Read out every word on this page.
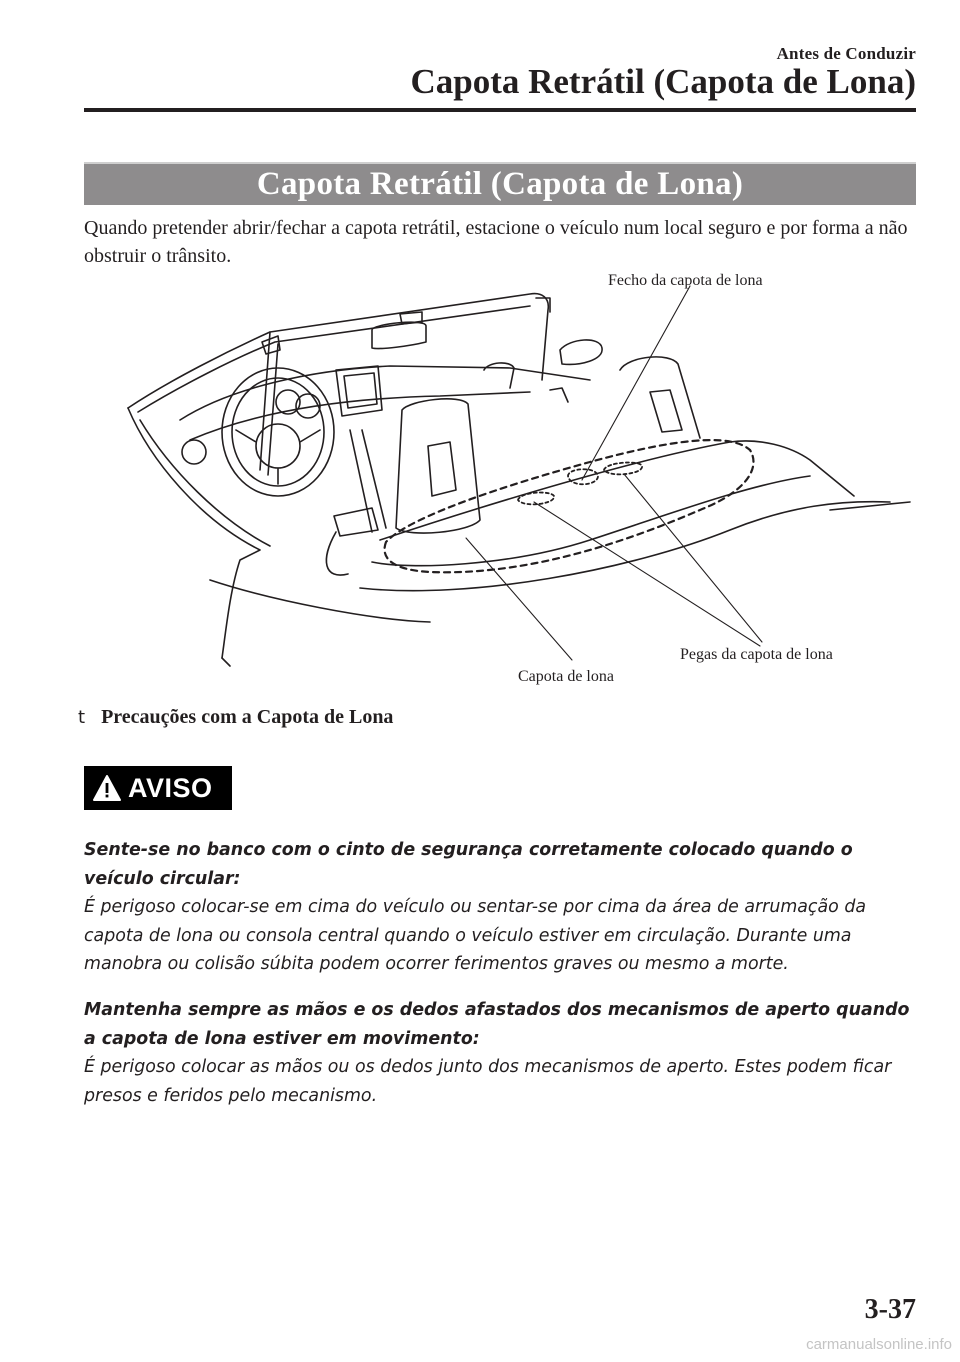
Antes de Conduzir
Capota Retrátil (Capota de Lona)
Capota Retrátil (Capota de Lona)
Quando pretender abrir/fechar a capota retrátil, estacione o veículo num local seguro e por forma a não obstruir o trânsito.
Fecho da capota de lona
Pegas da capota de lona
Capota de lona
t Precauções com a Capota de Lona
AVISO
Sente-se no banco com o cinto de segurança corretamente colocado quando o veículo circular:
É perigoso colocar-se em cima do veículo ou sentar-se por cima da área de arrumação da capota de lona ou consola central quando o veículo estiver em circulação. Durante uma manobra ou colisão súbita podem ocorrer ferimentos graves ou mesmo a morte.
Mantenha sempre as mãos e os dedos afastados dos mecanismos de aperto quando a capota de lona estiver em movimento:
É perigoso colocar as mãos ou os dedos junto dos mecanismos de aperto. Estes podem ficar presos e feridos pelo mecanismo.
3-37
carmanualsonline.info
